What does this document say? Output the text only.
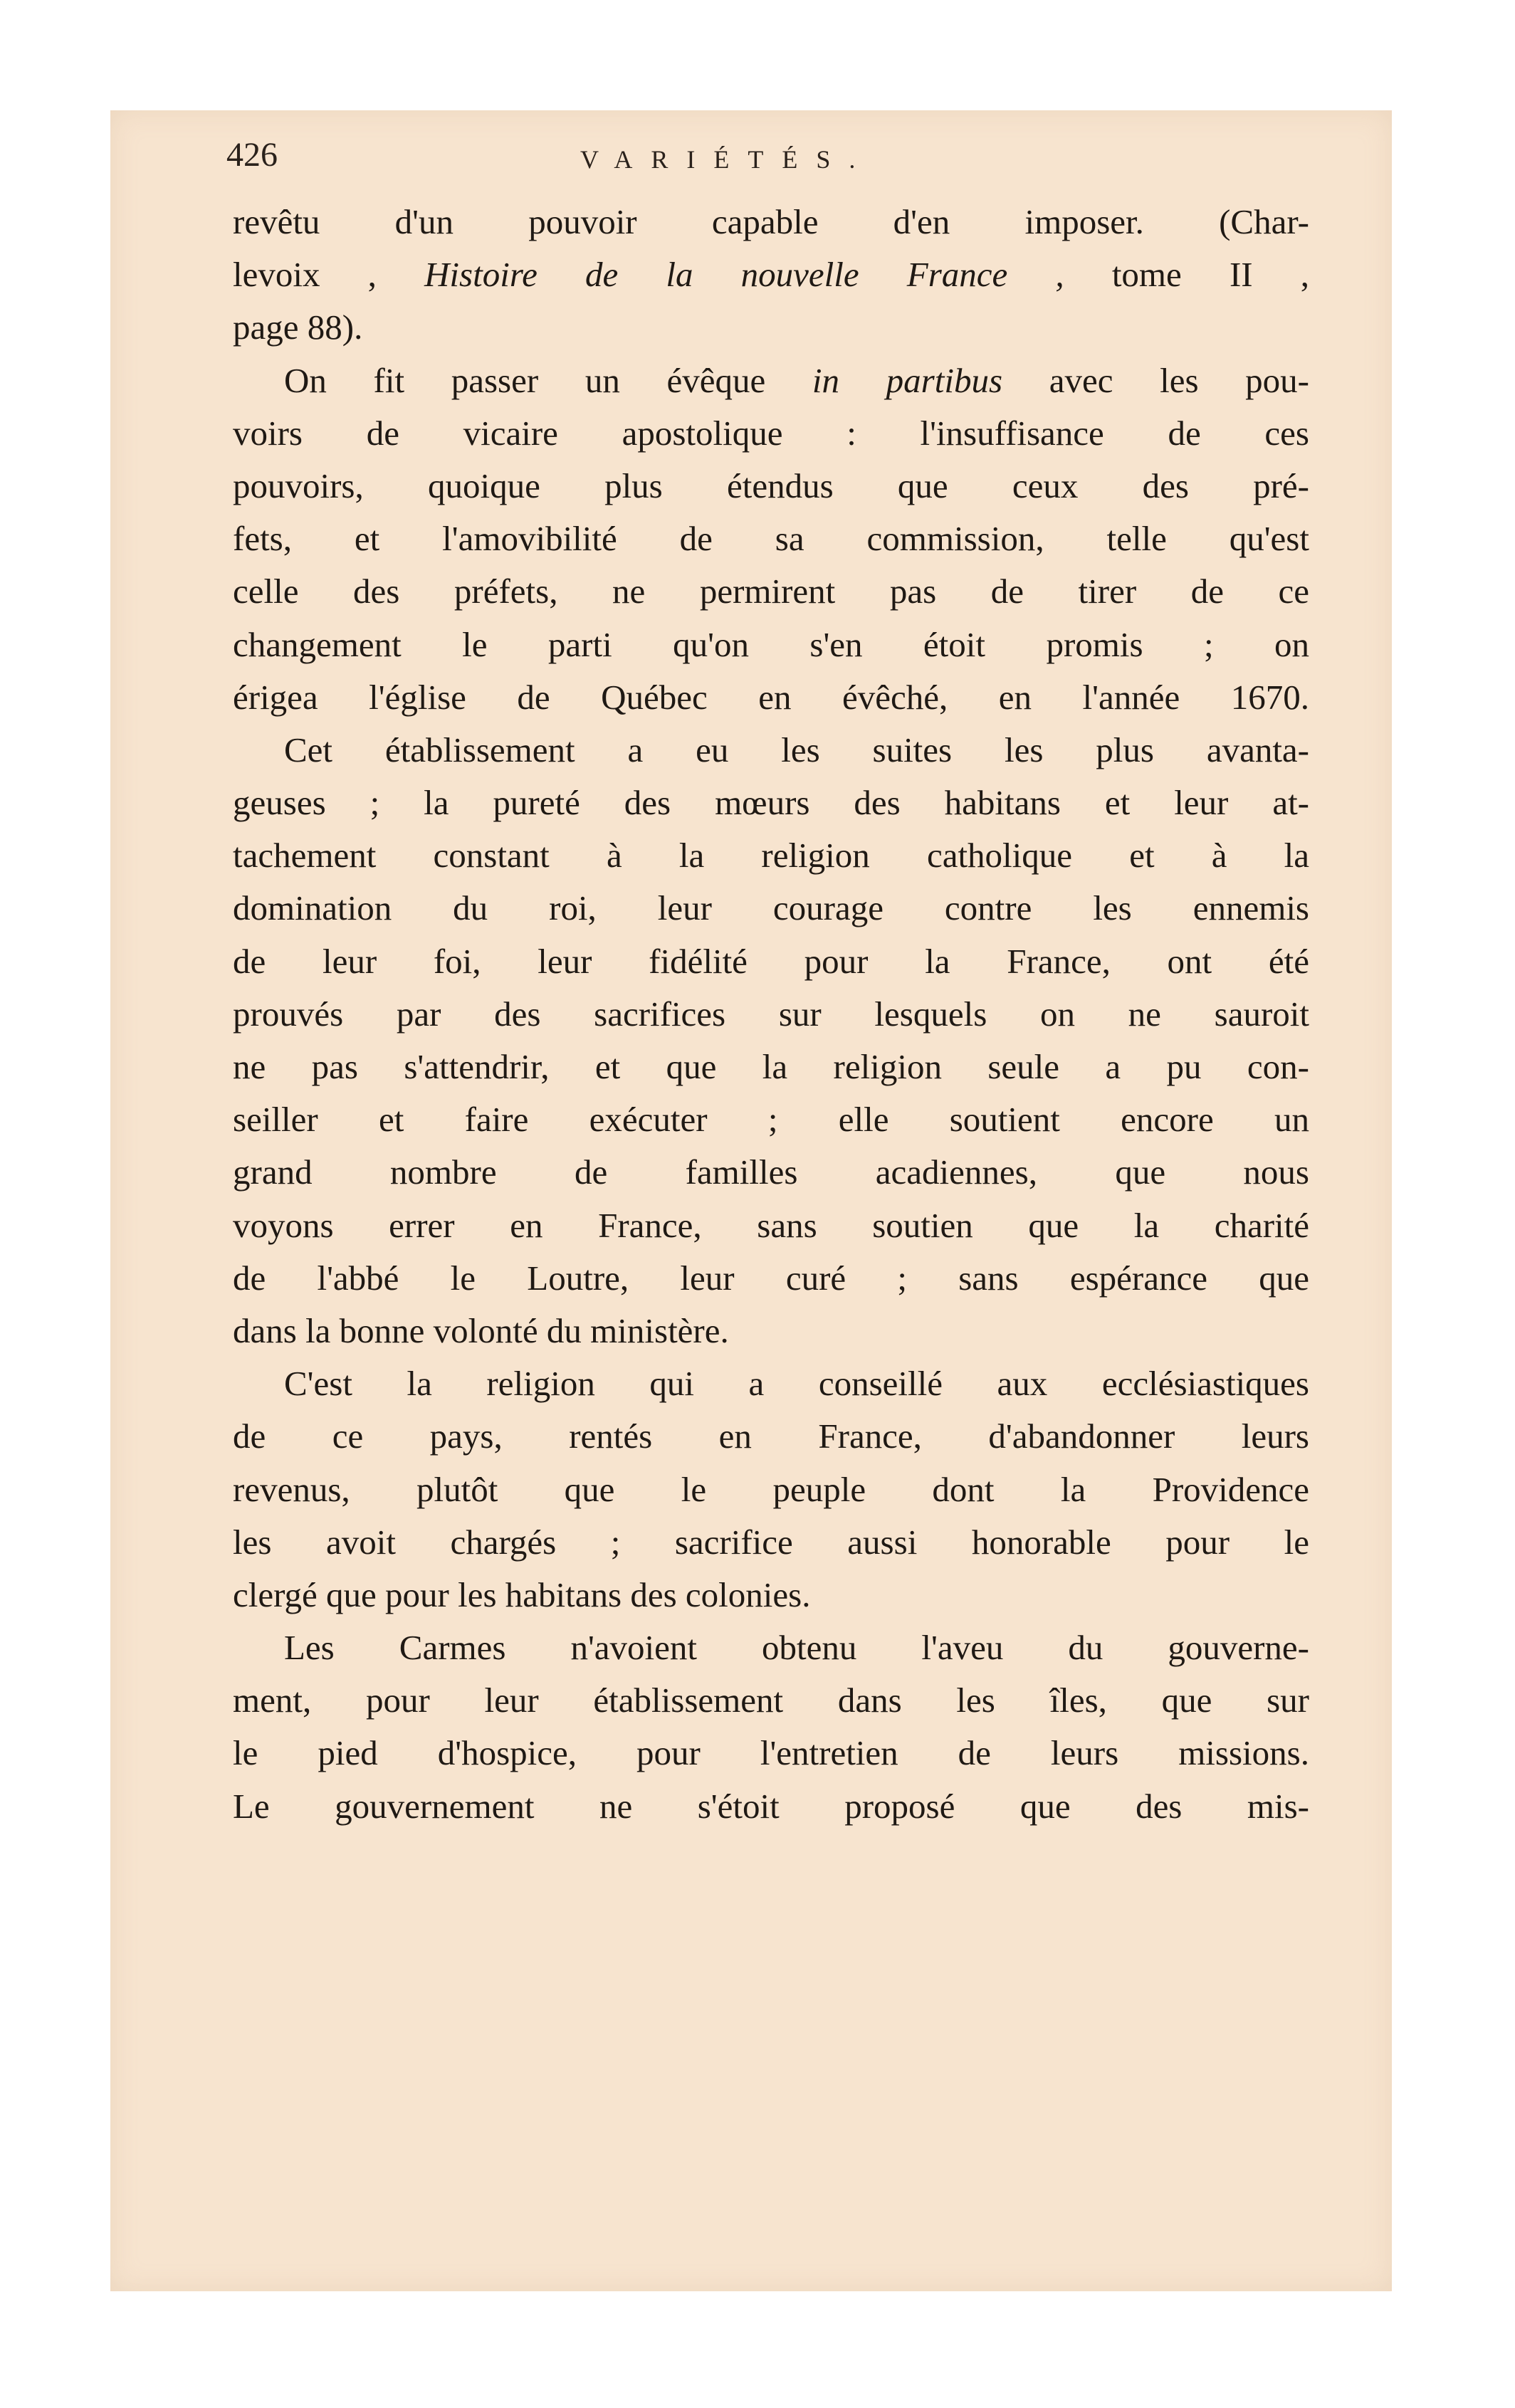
426	VARIÉTÉS.
revêtu d'un pouvoir capable d'en imposer. (Char-
levoix , Histoire de la nouvelle France , tome II ,
page 88).
On fit passer un évêque in partibus avec les pou-
voirs de vicaire apostolique : l'insuffisance de ces
pouvoirs, quoique plus étendus que ceux des pré-
fets, et l'amovibilité de sa commission, telle qu'est
celle des préfets, ne permirent pas de tirer de ce
changement le parti qu'on s'en étoit promis ; on
érigea l'église de Québec en évêché, en l'année 1670.
Cet établissement a eu les suites les plus avanta-
geuses ; la pureté des mœurs des habitans et leur at-
tachement constant à la religion catholique et à la
domination du roi, leur courage contre les ennemis
de leur foi, leur fidélité pour la France, ont été
prouvés par des sacrifices sur lesquels on ne sauroit
ne pas s'attendrir, et que la religion seule a pu con-
seiller et faire exécuter ; elle soutient encore un
grand nombre de familles acadiennes, que nous
voyons errer en France, sans soutien que la charité
de l'abbé le Loutre, leur curé ; sans espérance que
dans la bonne volonté du ministère.
C'est la religion qui a conseillé aux ecclésiastiques
de ce pays, rentés en France, d'abandonner leurs
revenus, plutôt que le peuple dont la Providence
les avoit chargés ; sacrifice aussi honorable pour le
clergé que pour les habitans des colonies.
Les Carmes n'avoient obtenu l'aveu du gouverne-
ment, pour leur établissement dans les îles, que sur
le pied d'hospice, pour l'entretien de leurs missions.
Le gouvernement ne s'étoit proposé que des mis-
